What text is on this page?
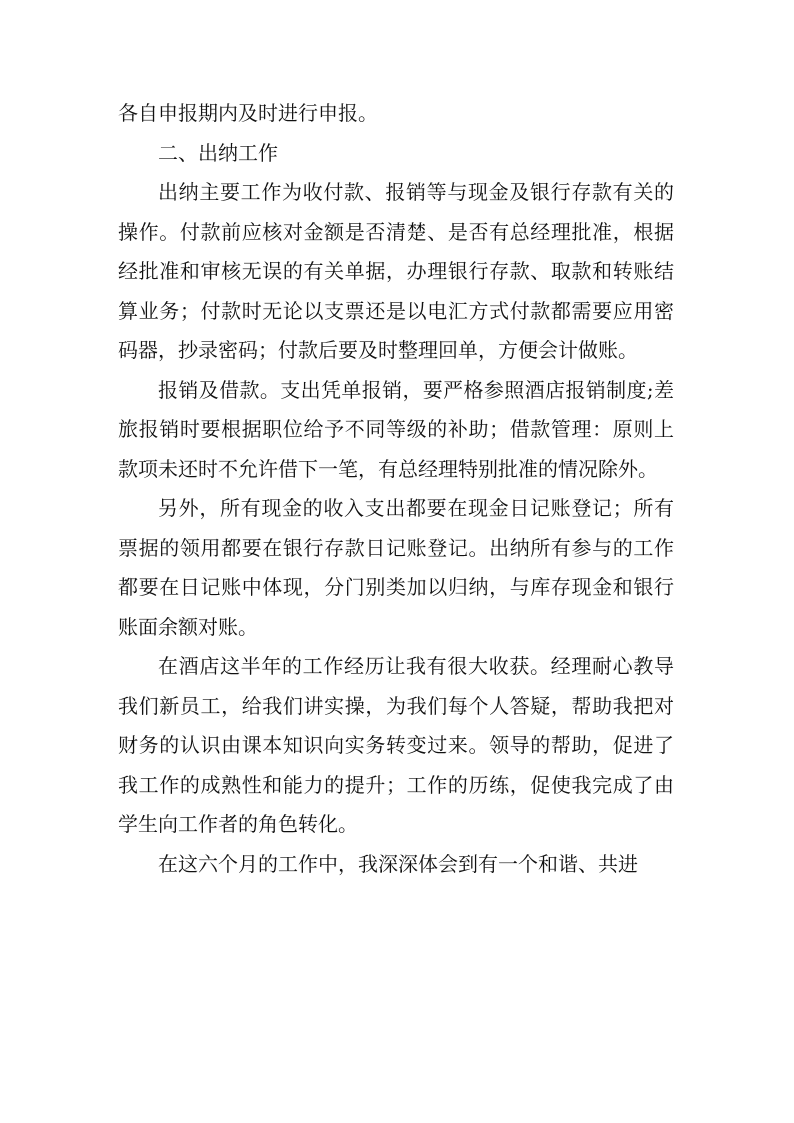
各自申报期内及时进行申报。

二、出纳工作

出纳主要工作为收付款、报销等与现金及银行存款有关的操作。付款前应核对金额是否清楚、是否有总经理批准，根据经批准和审核无误的有关单据，办理银行存款、取款和转账结算业务；付款时无论以支票还是以电汇方式付款都需要应用密码器，抄录密码；付款后要及时整理回单，方便会计做账。

报销及借款。支出凭单报销，要严格参照酒店报销制度;差旅报销时要根据职位给予不同等级的补助；借款管理：原则上款项未还时不允许借下一笔，有总经理特别批准的情况除外。

另外，所有现金的收入支出都要在现金日记账登记；所有票据的领用都要在银行存款日记账登记。出纳所有参与的工作都要在日记账中体现，分门别类加以归纳，与库存现金和银行账面余额对账。

在酒店这半年的工作经历让我有很大收获。经理耐心教导我们新员工，给我们讲实操，为我们每个人答疑，帮助我把对财务的认识由课本知识向实务转变过来。领导的帮助，促进了我工作的成熟性和能力的提升；工作的历练，促使我完成了由学生向工作者的角色转化。

在这六个月的工作中，我深深体会到有一个和谐、共进
